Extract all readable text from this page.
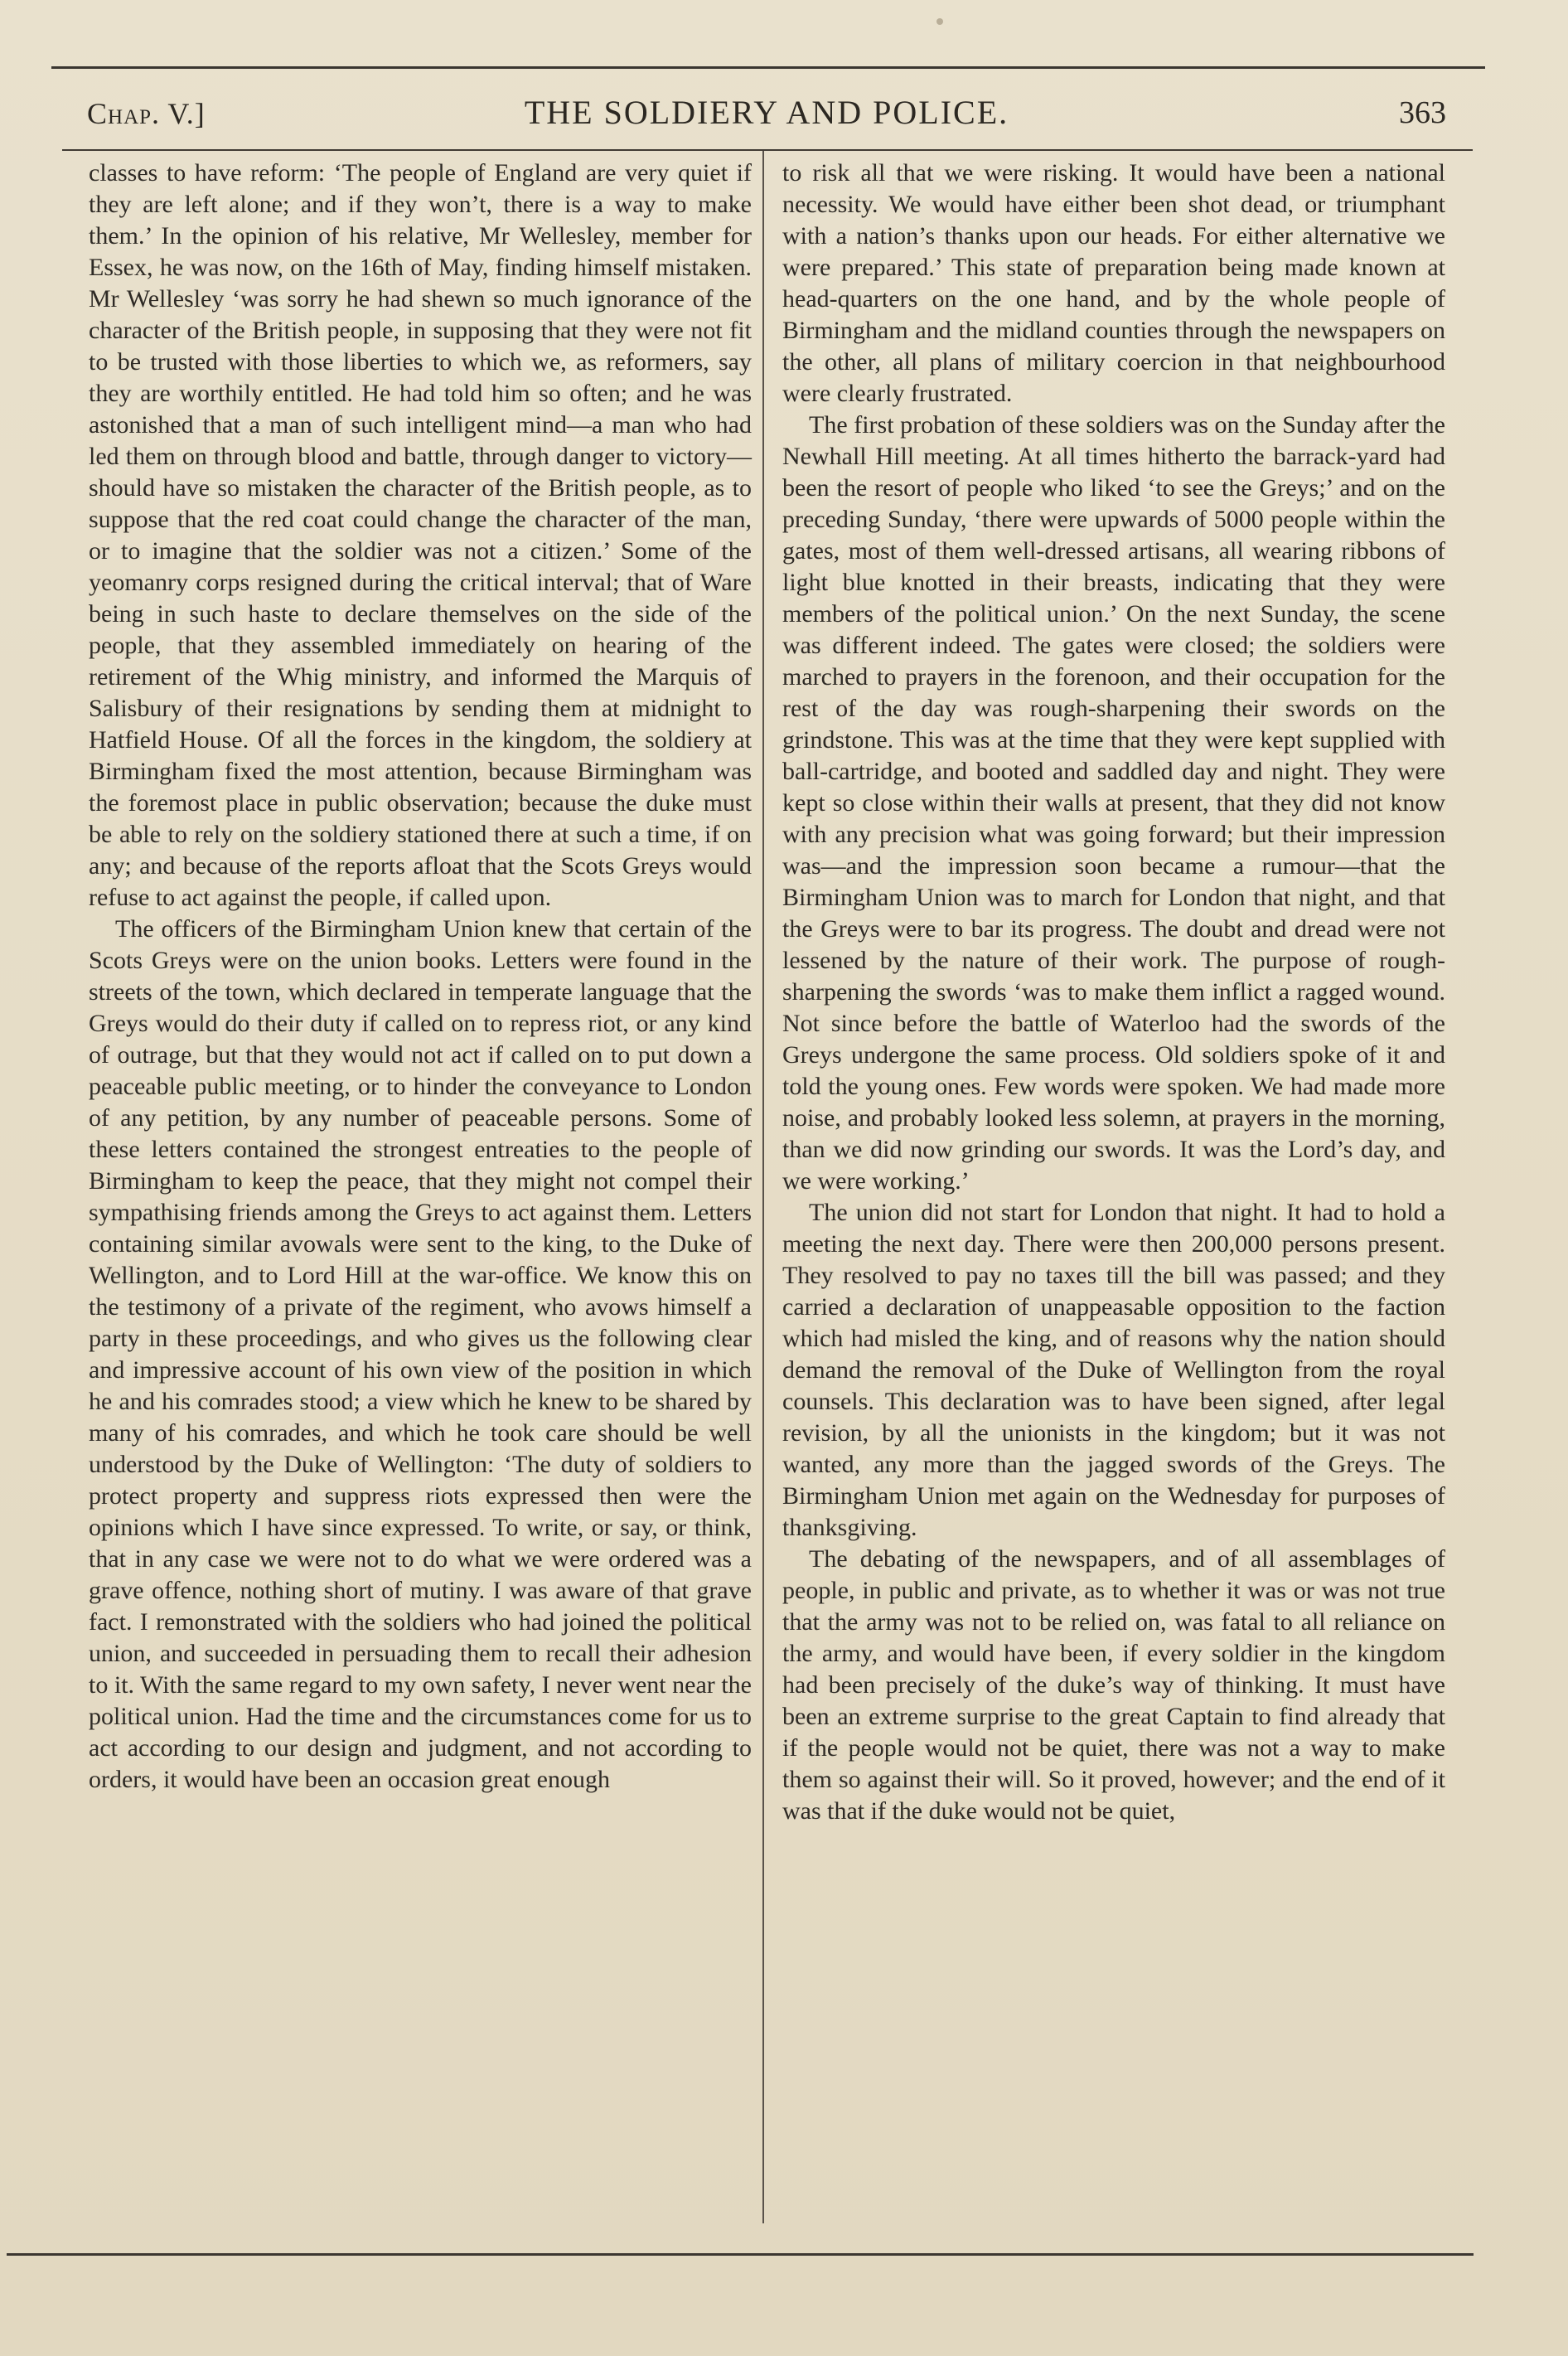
Chap. V.]	THE SOLDIERY AND POLICE.	363

classes to have reform: ‘The people of England are very quiet if they are left alone; and if they won’t, there is a way to make them.’ In the opinion of his relative, Mr Wellesley, member for Essex, he was now, on the 16th of May, finding himself mistaken. Mr Wellesley ‘was sorry he had shewn so much ignorance of the character of the British people, in supposing that they were not fit to be trusted with those liberties to which we, as reformers, say they are worthily entitled. He had told him so often; and he was astonished that a man of such intelligent mind—a man who had led them on through blood and battle, through danger to victory—should have so mistaken the character of the British people, as to suppose that the red coat could change the character of the man, or to imagine that the soldier was not a citizen.’ Some of the yeomanry corps resigned during the critical interval; that of Ware being in such haste to declare themselves on the side of the people, that they assembled immediately on hearing of the retirement of the Whig ministry, and informed the Marquis of Salisbury of their resignations by sending them at midnight to Hatfield House. Of all the forces in the kingdom, the soldiery at Birmingham fixed the most attention, because Birmingham was the foremost place in public observation; because the duke must be able to rely on the soldiery stationed there at such a time, if on any; and because of the reports afloat that the Scots Greys would refuse to act against the people, if called upon.

The officers of the Birmingham Union knew that certain of the Scots Greys were on the union books. Letters were found in the streets of the town, which declared in temperate language that the Greys would do their duty if called on to repress riot, or any kind of outrage, but that they would not act if called on to put down a peaceable public meeting, or to hinder the conveyance to London of any petition, by any number of peaceable persons. Some of these letters contained the strongest entreaties to the people of Birmingham to keep the peace, that they might not compel their sympathising friends among the Greys to act against them. Letters containing similar avowals were sent to the king, to the Duke of Wellington, and to Lord Hill at the war-office. We know this on the testimony of a private of the regiment, who avows himself a party in these proceedings, and who gives us the following clear and impressive account of his own view of the position in which he and his comrades stood; a view which he knew to be shared by many of his comrades, and which he took care should be well understood by the Duke of Wellington: ‘The duty of soldiers to protect property and suppress riots expressed then were the opinions which I have since expressed. To write, or say, or think, that in any case we were not to do what we were ordered was a grave offence, nothing short of mutiny. I was aware of that grave fact. I remonstrated with the soldiers who had joined the political union, and succeeded in persuading them to recall their adhesion to it. With the same regard to my own safety, I never went near the political union. Had the time and the circumstances come for us to act according to our design and judgment, and not according to orders, it would have been an occasion great enough

to risk all that we were risking. It would have been a national necessity. We would have either been shot dead, or triumphant with a nation’s thanks upon our heads. For either alternative we were prepared.’ This state of preparation being made known at head-quarters on the one hand, and by the whole people of Birmingham and the midland counties through the newspapers on the other, all plans of military coercion in that neighbourhood were clearly frustrated.

The first probation of these soldiers was on the Sunday after the Newhall Hill meeting. At all times hitherto the barrack-yard had been the resort of people who liked ‘to see the Greys;’ and on the preceding Sunday, ‘there were upwards of 5000 people within the gates, most of them well-dressed artisans, all wearing ribbons of light blue knotted in their breasts, indicating that they were members of the political union.’ On the next Sunday, the scene was different indeed. The gates were closed; the soldiers were marched to prayers in the forenoon, and their occupation for the rest of the day was rough-sharpening their swords on the grindstone. This was at the time that they were kept supplied with ball-cartridge, and booted and saddled day and night. They were kept so close within their walls at present, that they did not know with any precision what was going forward; but their impression was—and the impression soon became a rumour—that the Birmingham Union was to march for London that night, and that the Greys were to bar its progress. The doubt and dread were not lessened by the nature of their work. The purpose of rough-sharpening the swords ‘was to make them inflict a ragged wound. Not since before the battle of Waterloo had the swords of the Greys undergone the same process. Old soldiers spoke of it and told the young ones. Few words were spoken. We had made more noise, and probably looked less solemn, at prayers in the morning, than we did now grinding our swords. It was the Lord’s day, and we were working.’

The union did not start for London that night. It had to hold a meeting the next day. There were then 200,000 persons present. They resolved to pay no taxes till the bill was passed; and they carried a declaration of unappeasable opposition to the faction which had misled the king, and of reasons why the nation should demand the removal of the Duke of Wellington from the royal counsels. This declaration was to have been signed, after legal revision, by all the unionists in the kingdom; but it was not wanted, any more than the jagged swords of the Greys. The Birmingham Union met again on the Wednesday for purposes of thanksgiving.

The debating of the newspapers, and of all assemblages of people, in public and private, as to whether it was or was not true that the army was not to be relied on, was fatal to all reliance on the army, and would have been, if every soldier in the kingdom had been precisely of the duke’s way of thinking. It must have been an extreme surprise to the great Captain to find already that if the people would not be quiet, there was not a way to make them so against their will. So it proved, however; and the end of it was that if the duke would not be quiet,
